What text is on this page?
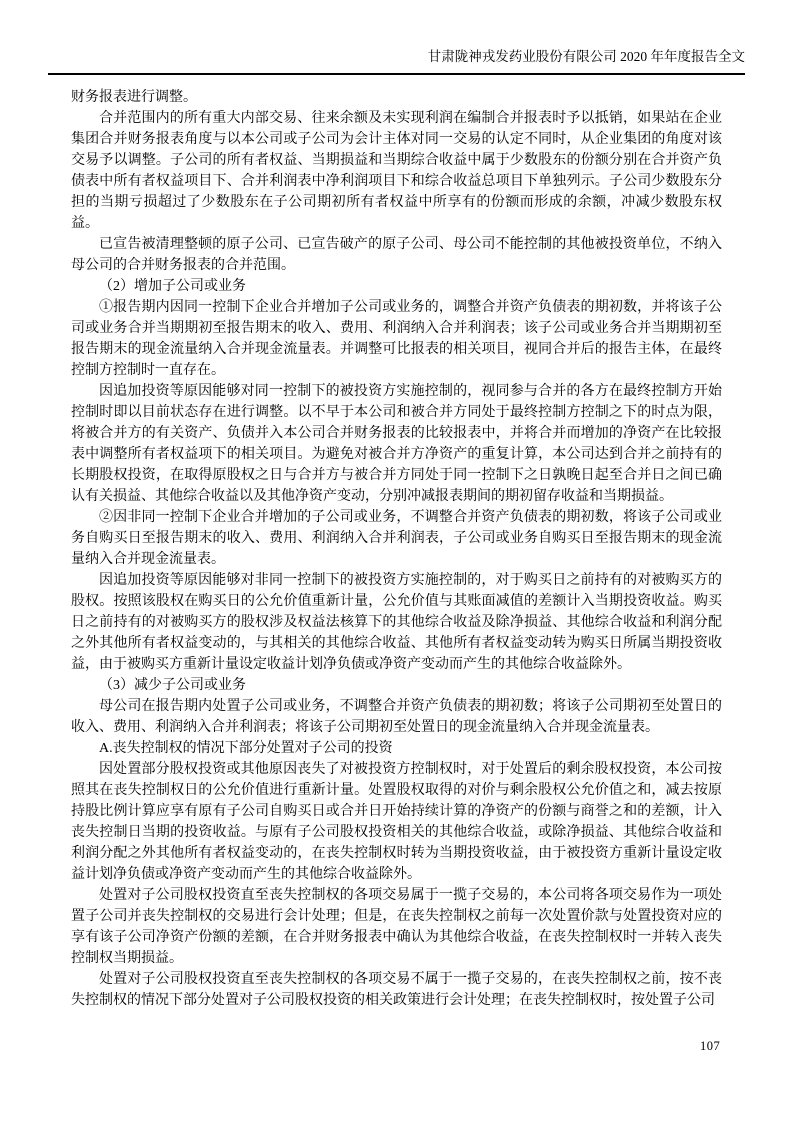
甘肃陇神戎发药业股份有限公司 2020 年年度报告全文

财务报表进行调整。

合并范围内的所有重大内部交易、往来余额及未实现利润在编制合并报表时予以抵销，如果站在企业集团合并财务报表角度与以本公司或子公司为会计主体对同一交易的认定不同时，从企业集团的角度对该交易予以调整。子公司的所有者权益、当期损益和当期综合收益中属于少数股东的份额分别在合并资产负债表中所有者权益项目下、合并利润表中净利润项目下和综合收益总项目下单独列示。子公司少数股东分担的当期亏损超过了少数股东在子公司期初所有者权益中所享有的份额而形成的余额，冲减少数股东权益。

已宣告被清理整顿的原子公司、已宣告破产的原子公司、母公司不能控制的其他被投资单位，不纳入母公司的合并财务报表的合并范围。

（2）增加子公司或业务

①报告期内因同一控制下企业合并增加子公司或业务的，调整合并资产负债表的期初数，并将该子公司或业务合并当期期初至报告期末的收入、费用、利润纳入合并利润表；该子公司或业务合并当期期初至报告期末的现金流量纳入合并现金流量表。并调整可比报表的相关项目，视同合并后的报告主体，在最终控制方控制时一直存在。

因追加投资等原因能够对同一控制下的被投资方实施控制的，视同参与合并的各方在最终控制方开始控制时即以目前状态存在进行调整。以不早于本公司和被合并方同处于最终控制方控制之下的时点为限，将被合并方的有关资产、负债并入本公司合并财务报表的比较报表中，并将合并而增加的净资产在比较报表中调整所有者权益项下的相关项目。为避免对被合并方净资产的重复计算，本公司达到合并之前持有的长期股权投资，在取得原股权之日与合并方与被合并方同处于同一控制下之日孰晚日起至合并日之间已确认有关损益、其他综合收益以及其他净资产变动，分别冲减报表期间的期初留存收益和当期损益。

②因非同一控制下企业合并增加的子公司或业务，不调整合并资产负债表的期初数，将该子公司或业务自购买日至报告期末的收入、费用、利润纳入合并利润表，子公司或业务自购买日至报告期末的现金流量纳入合并现金流量表。

因追加投资等原因能够对非同一控制下的被投资方实施控制的，对于购买日之前持有的对被购买方的股权。按照该股权在购买日的公允价值重新计量，公允价值与其账面减值的差额计入当期投资收益。购买日之前持有的对被购买方的股权涉及权益法核算下的其他综合收益及除净损益、其他综合收益和利润分配之外其他所有者权益变动的，与其相关的其他综合收益、其他所有者权益变动转为购买日所属当期投资收益，由于被购买方重新计量设定收益计划净负债或净资产变动而产生的其他综合收益除外。

（3）减少子公司或业务

母公司在报告期内处置子公司或业务，不调整合并资产负债表的期初数；将该子公司期初至处置日的收入、费用、利润纳入合并利润表；将该子公司期初至处置日的现金流量纳入合并现金流量表。

A.丧失控制权的情况下部分处置对子公司的投资

因处置部分股权投资或其他原因丧失了对被投资方控制权时，对于处置后的剩余股权投资，本公司按照其在丧失控制权日的公允价值进行重新计量。处置股权取得的对价与剩余股权公允价值之和，减去按原持股比例计算应享有原有子公司自购买日或合并日开始持续计算的净资产的份额与商誉之和的差额，计入丧失控制日当期的投资收益。与原有子公司股权投资相关的其他综合收益，或除净损益、其他综合收益和利润分配之外其他所有者权益变动的，在丧失控制权时转为当期投资收益，由于被投资方重新计量设定收益计划净负债或净资产变动而产生的其他综合收益除外。

处置对子公司股权投资直至丧失控制权的各项交易属于一揽子交易的，本公司将各项交易作为一项处置子公司并丧失控制权的交易进行会计处理；但是，在丧失控制权之前每一次处置价款与处置投资对应的享有该子公司净资产份额的差额，在合并财务报表中确认为其他综合收益，在丧失控制权时一并转入丧失控制权当期损益。

处置对子公司股权投资直至丧失控制权的各项交易不属于一揽子交易的，在丧失控制权之前，按不丧失控制权的情况下部分处置对子公司股权投资的相关政策进行会计处理；在丧失控制权时，按处置子公司

107
